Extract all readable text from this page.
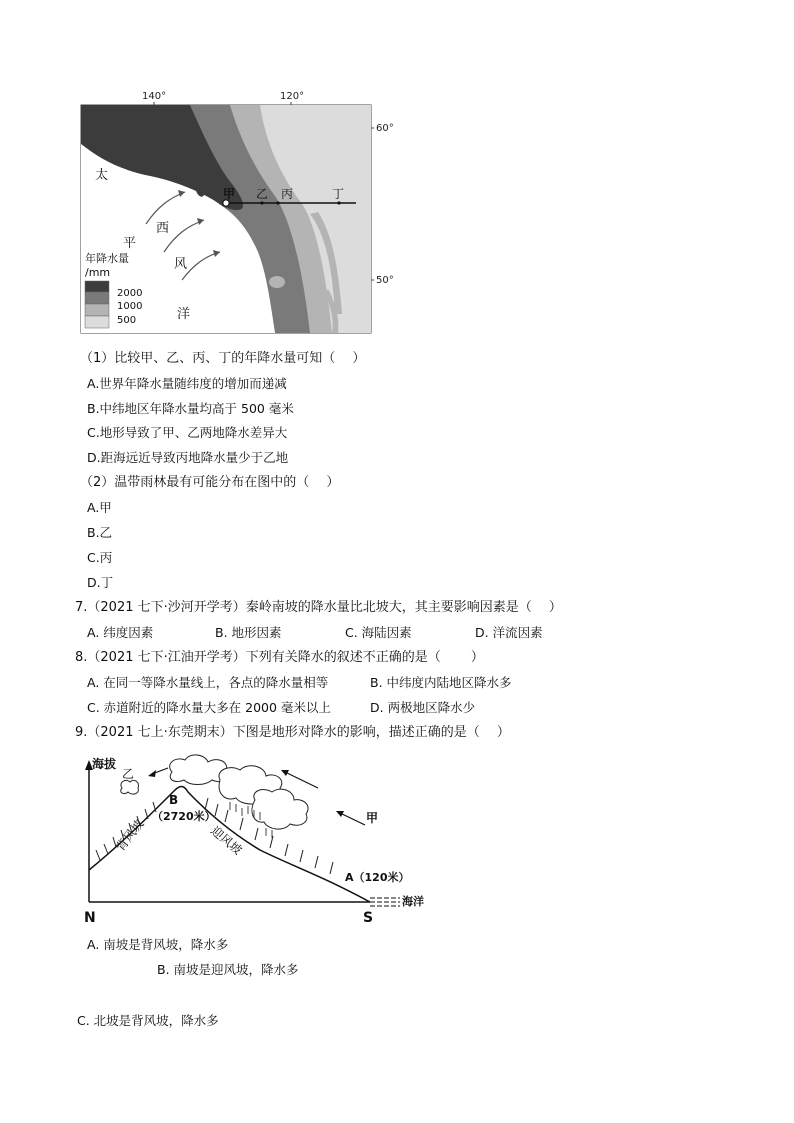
140°	120°
60°
50°
甲 乙 丙	丁
太
平
洋
西
风
年降水量
/mm
2000
1000
500
（1）比较甲、乙、丙、丁的年降水量可知（　 ）
A.世界年降水量随纬度的增加而递减
B.中纬地区年降水量均高于 500 毫米
C.地形导致了甲、乙两地降水差异大
D.距海远近导致丙地降水量少于乙地
（2）温带雨林最有可能分布在图中的（　 ）
A.甲
B.乙
C.丙
D.丁
7.（2021 七下·沙河开学考）秦岭南坡的降水量比北坡大，其主要影响因素是（　 ）
A. 纬度因素	B. 地形因素	C. 海陆因素	D. 洋流因素
8.（2021 七下·江油开学考）下列有关降水的叙述不正确的是（　　 ）
A. 在同一等降水量线上，各点的降水量相等	B. 中纬度内陆地区降水多
C. 赤道附近的降水量大多在 2000 毫米以上	D. 两极地区降水少
9.（2021 七上·东莞期末）下图是地形对降水的影响，描述正确的是（　 ）
海拔
海洋
乙
甲
B
（2720米）
A（120米）
背风坡	迎风坡
N	S
A. 南坡是背风坡，降水多
B. 南坡是迎风坡，降水多
C. 北坡是背风坡，降水多
